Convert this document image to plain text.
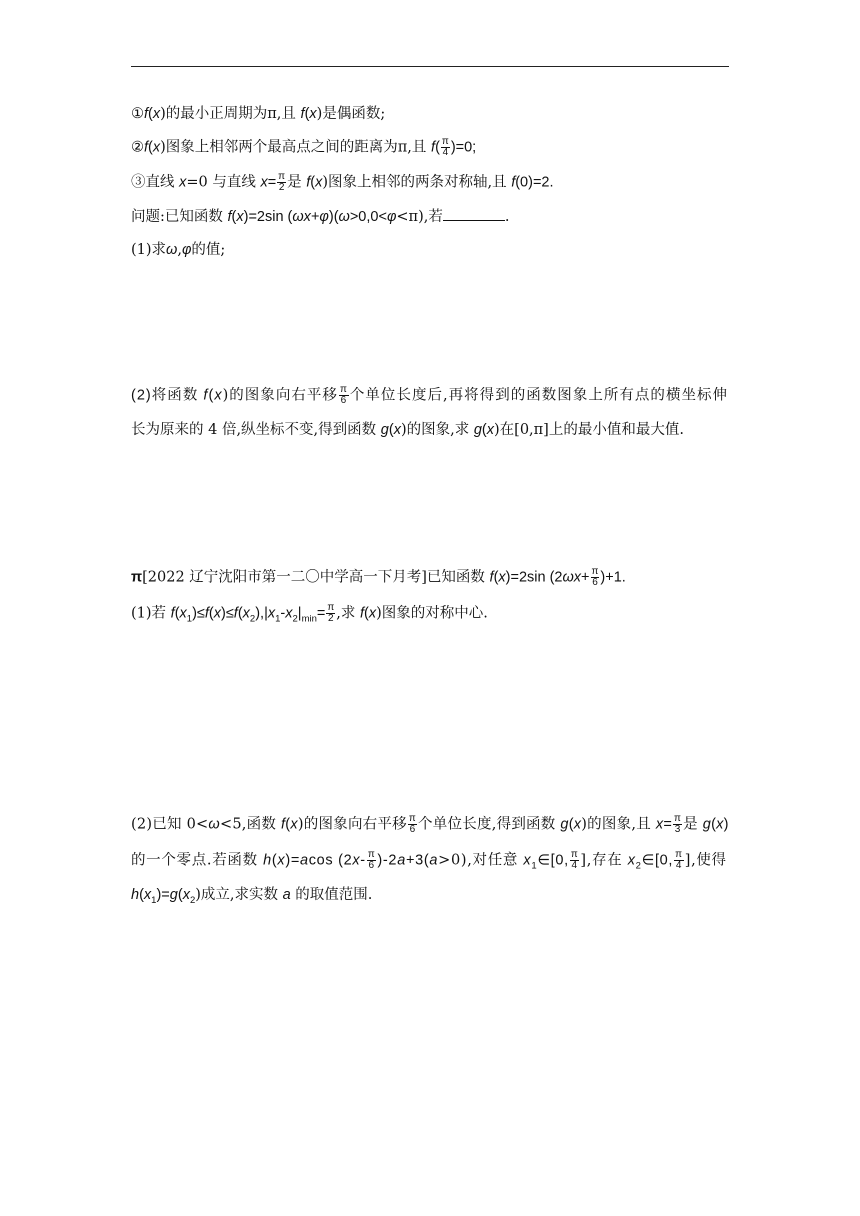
①f(x)的最小正周期为π,且 f(x)是偶函数;
②f(x)图象上相邻两个最高点之间的距离为π,且 $f( \frac{\pi}{4} )=0$;
③直线 x=0 与直线 $x= \frac{\pi}{2}$ 是 f(x)图象上相邻的两条对称轴,且 f(0)=2.
问题:已知函数 f(x)=2sin (ωx+φ)(ω>0,0<φ<π),若	.
(1)求ω,φ的值;
(2)将函数 f(x)的图象向右平移 $\frac{\pi}{6}$ 个单位长度后,再将得到的函数图象上所有点的横坐标伸
长为原来的 4 倍,纵坐标不变,得到函数 g(x)的图象,求 g(x)在[0,π]上的最小值和最大值.
π[2022 辽宁沈阳市第一二〇中学高一下月考]已知函数 f(x)=2sin $(2\omega x+ \frac{\pi}{6} )+1$.
(1)若 $f(x_1)\le f(x)\le f(x_2),|x_1-x_2|_{min}= \frac{\pi}{2}$ ,求 f(x)图象的对称中心.
(2)已知 0<ω<5,函数 f(x)的图象向右平移 $\frac{\pi}{6}$ 个单位长度,得到函数 g(x)的图象,且 $x= \frac{\pi}{3}$ 是 g(x)
的一个零点.若函数 h(x)=acos $(2x- \frac{\pi}{6} )-2a+3(a>0)$,对任意 $x_1\in[0$, $\frac{\pi}{4}$ ],存在 $x_2\in[0$, $\frac{\pi}{4}$ ],使得
$h(x_1)=g(x_2)$成立,求实数 a 的取值范围.
